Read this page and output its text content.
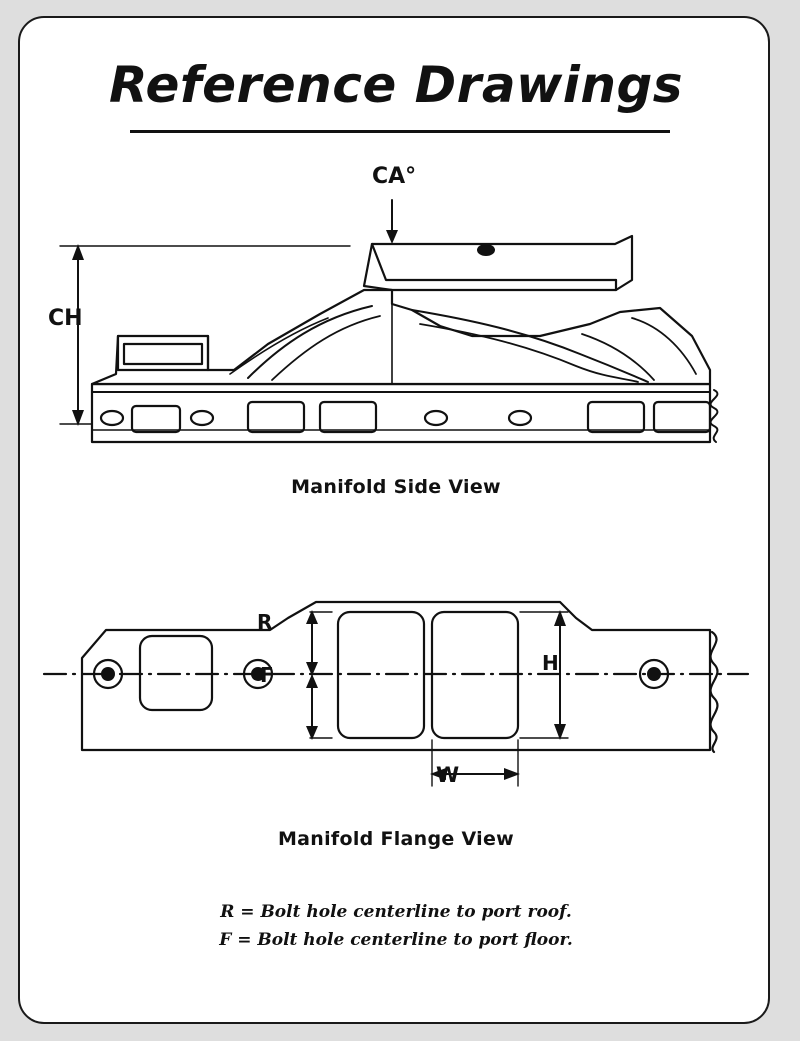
Reference Drawings
CA°
CH
R
F	H
W
Manifold Side View
Manifold Flange View
R = Bolt hole centerline to port roof.
F = Bolt hole centerline to port floor.
